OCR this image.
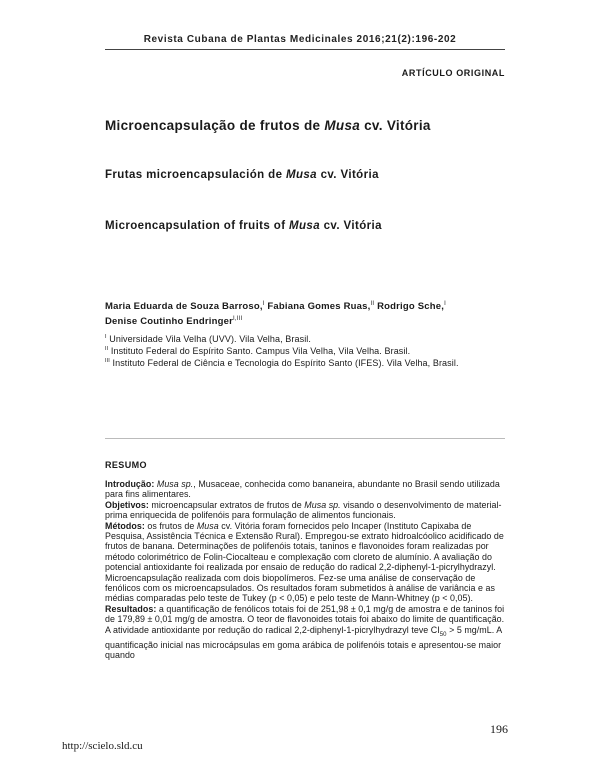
Revista Cubana de Plantas Medicinales 2016;21(2):196-202
ARTÍCULO ORIGINAL
Microencapsulação de frutos de Musa cv. Vitória
Frutas microencapsulación de Musa cv. Vitória
Microencapsulation of fruits of Musa cv. Vitória
Maria Eduarda de Souza Barroso,$^I$ Fabiana Gomes Ruas,$^{II}$ Rodrigo Sche,$^I$
Denise Coutinho Endringer$^{I,III}$
$^I$ Universidade Vila Velha (UVV). Vila Velha, Brasil.
$^{II}$ Instituto Federal do Espírito Santo. Campus Vila Velha, Vila Velha. Brasil.
$^{III}$ Instituto Federal de Ciência e Tecnologia do Espírito Santo (IFES). Vila Velha, Brasil.
RESUMO

Introdução: Musa sp., Musaceae, conhecida como bananeira, abundante no Brasil sendo utilizada para fins alimentares.

Objetivos: microencapsular extratos de frutos de Musa sp. visando o desenvolvimento de material-prima enriquecida de polifenóis para formulação de alimentos funcionais.

Métodos: os frutos de Musa cv. Vitória foram fornecidos pelo Incaper (Instituto Capixaba de Pesquisa, Assistência Técnica e Extensão Rural). Empregou-se extrato hidroalcóolico acidificado de frutos de banana. Determinações de polifenóis totais, taninos e flavonoides foram realizadas por método colorimétrico de Folin-Ciocalteau e complexação com cloreto de alumínio. A avaliação do potencial antioxidante foi realizada por ensaio de redução do radical 2,2-diphenyl-1-picrylhydrazyl. Microencapsulação realizada com dois biopolímeros. Fez-se uma análise de conservação de fenólicos com os microencapsulados. Os resultados foram submetidos à análise de variância e as médias comparadas pelo teste de Tukey (p < 0,05) e pelo teste de Mann-Whitney (p < 0,05).

Resultados: a quantificação de fenólicos totais foi de 251,98 ± 0,1 mg/g de amostra e de taninos foi de 179,89 ± 0,01 mg/g de amostra. O teor de flavonoides totais foi abaixo do limite de quantificação. A atividade antioxidante por redução do radical 2,2-diphenyl-1-picrylhydrazyl teve $CI_{50} > 5$ mg/mL. A quantificação inicial nas microcápsulas em goma arábica de polifenóis totais e apresentou-se maior quando

196
http://scielo.sld.cu
